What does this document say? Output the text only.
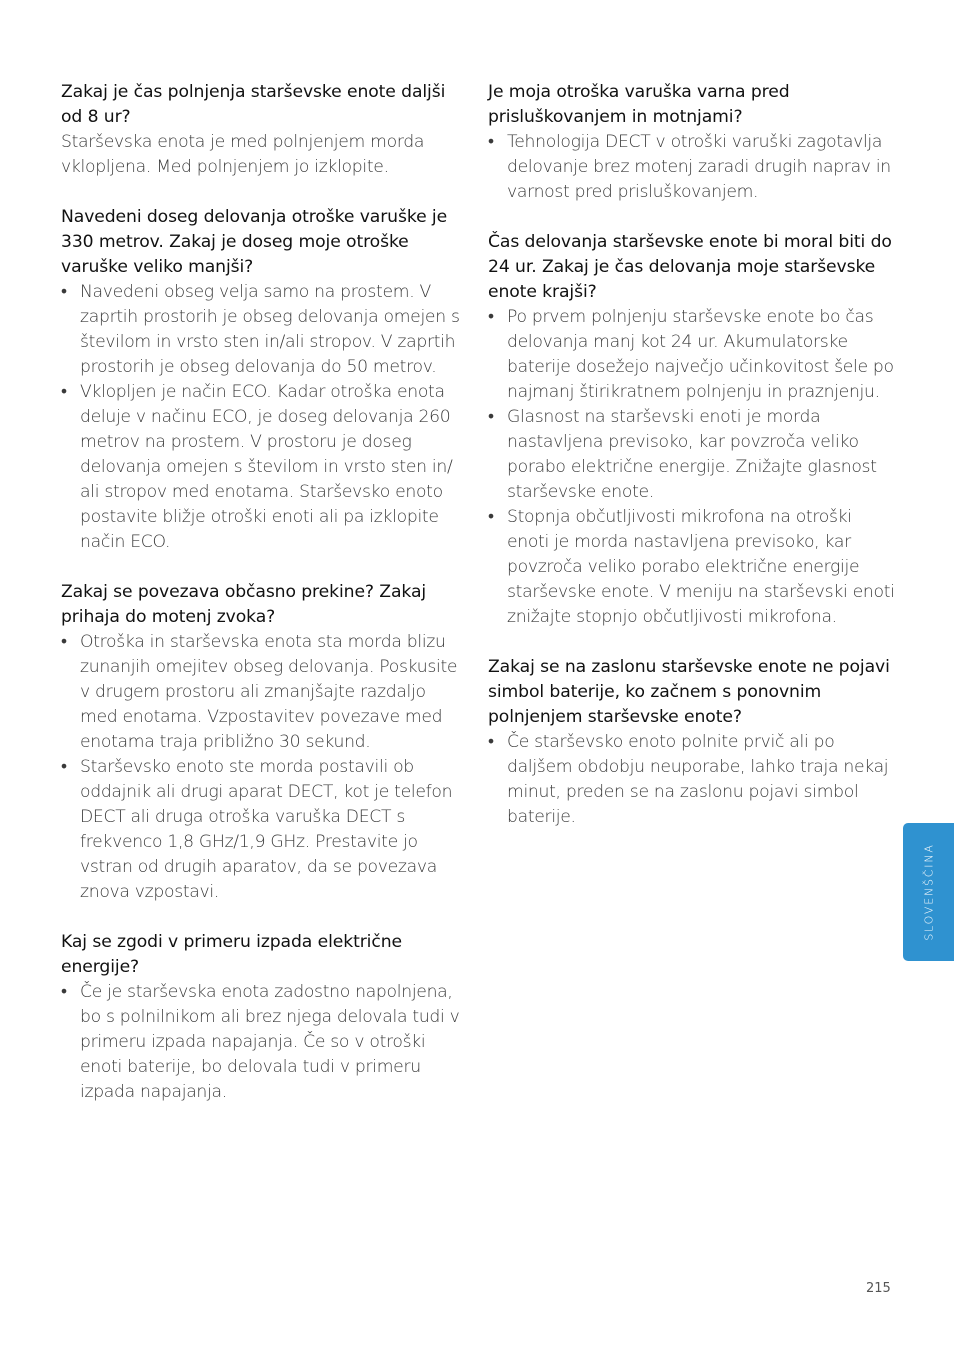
Zakaj je čas polnjenja starševske enote daljši od 8 ur?
Starševska enota je med polnjenjem morda vklopljena. Med polnjenjem jo izklopite.
Navedeni doseg delovanja otroške varuške je 330 metrov. Zakaj je doseg moje otroške varuške veliko manjši?
• Navedeni obseg velja samo na prostem. V zaprtih prostorih je obseg delovanja omejen s številom in vrsto sten in/ali stropov. V zaprtih prostorih je obseg delovanja do 50 metrov.
• Vklopljen je način ECO. Kadar otroška enota deluje v načinu ECO, je doseg delovanja 260 metrov na prostem. V prostoru je doseg delovanja omejen s številom in vrsto sten in/ ali stropov med enotama. Starševsko enoto postavite bližje otroški enoti ali pa izklopite način ECO.
Zakaj se povezava občasno prekine? Zakaj prihaja do motenj zvoka?
• Otroška in starševska enota sta morda blizu zunanjih omejitev obseg delovanja. Poskusite v drugem prostoru ali zmanjšajte razdaljo med enotama. Vzpostavitev povezave med enotama traja približno 30 sekund.
• Starševsko enoto ste morda postavili ob oddajnik ali drugi aparat DECT, kot je telefon DECT ali druga otroška varuška DECT s frekvenco 1,8 GHz/1,9 GHz. Prestavite jo vstran od drugih aparatov, da se povezava znova vzpostavi.
Kaj se zgodi v primeru izpada električne energije?
• Če je starševska enota zadostno napolnjena, bo s polnilnikom ali brez njega delovala tudi v primeru izpada napajanja. Če so v otroški enoti baterije, bo delovala tudi v primeru izpada napajanja.
Je moja otroška varuška varna pred prisluškovanjem in motnjami?
• Tehnologija DECT v otroški varuški zagotavlja delovanje brez motenj zaradi drugih naprav in varnost pred prisluškovanjem.
Čas delovanja starševske enote bi moral biti do 24 ur. Zakaj je čas delovanja moje starševske enote krajši?
• Po prvem polnjenju starševske enote bo čas delovanja manj kot 24 ur. Akumulatorske baterije dosežejo največjo učinkovitost šele po najmanj štirikratnem polnjenju in praznjenju.
• Glasnost na starševski enoti je morda nastavljena previsoko, kar povzroča veliko porabo električne energije. Znižajte glasnost starševske enote.
• Stopnja občutljivosti mikrofona na otroški enoti je morda nastavljena previsoko, kar povzroča veliko porabo električne energije starševske enote. V meniju na starševski enoti znižajte stopnjo občutljivosti mikrofona.
Zakaj se na zaslonu starševske enote ne pojavi simbol baterije, ko začnem s ponovnim polnjenjem starševske enote?
• Če starševsko enoto polnite prvič ali po daljšem obdobju neuporabe, lahko traja nekaj minut, preden se na zaslonu pojavi simbol baterije.
SLOVENŠČINA
215
